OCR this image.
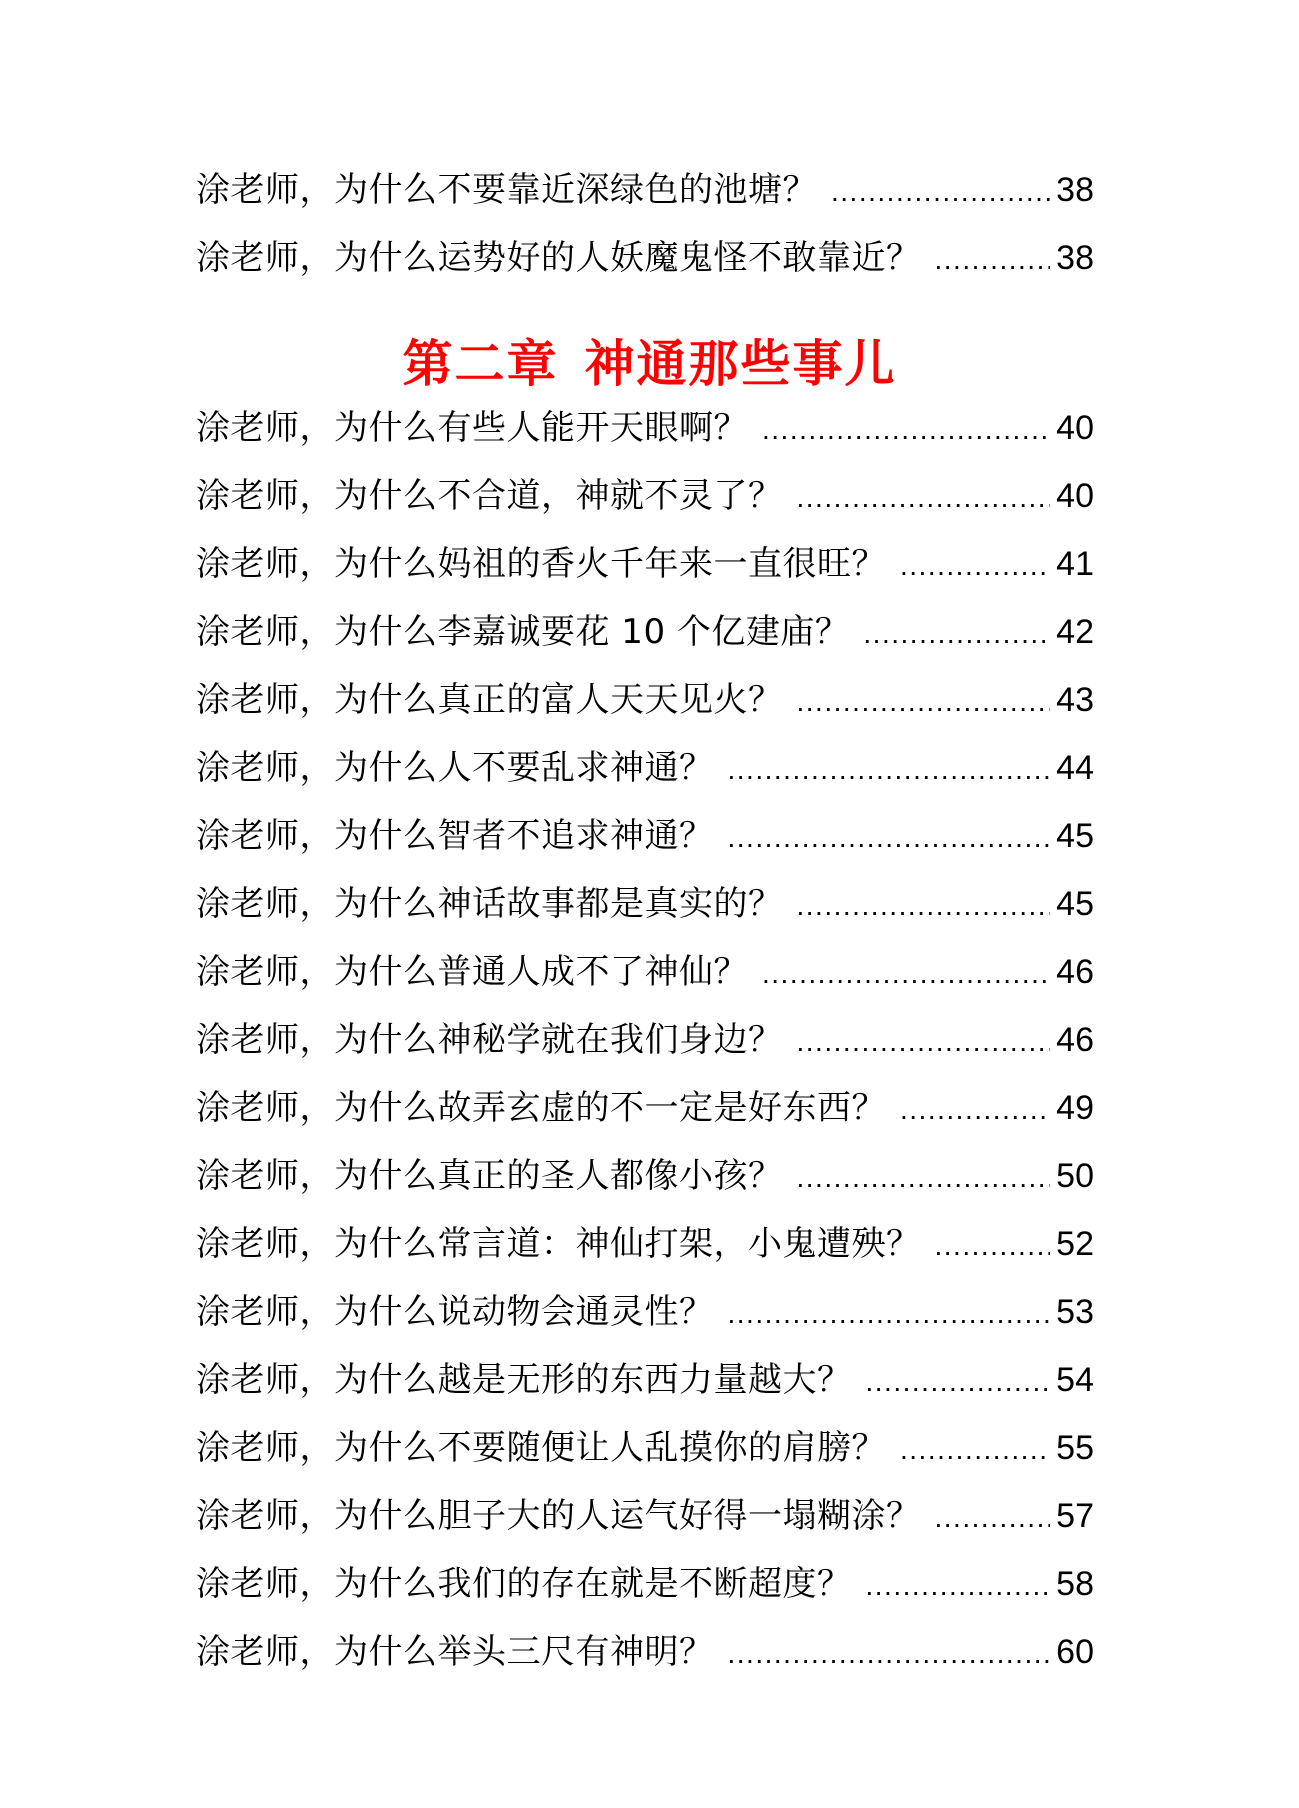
涂老师，为什么不要靠近深绿色的池塘？ .....	38
涂老师，为什么运势好的人妖魔鬼怪不敢靠近？ .....	38
第二章 神通那些事儿
涂老师，为什么有些人能开天眼啊？ .....	40
涂老师，为什么不合道，神就不灵了？ .....	40
涂老师，为什么妈祖的香火千年来一直很旺？ .....	41
涂老师，为什么李嘉诚要花 10 个亿建庙？ .....	42
涂老师，为什么真正的富人天天见火？ .....	43
涂老师，为什么人不要乱求神通？ .....	44
涂老师，为什么智者不追求神通？ .....	45
涂老师，为什么神话故事都是真实的？ .....	45
涂老师，为什么普通人成不了神仙？ .....	46
涂老师，为什么神秘学就在我们身边？ .....	46
涂老师，为什么故弄玄虚的不一定是好东西？ .....	49
涂老师，为什么真正的圣人都像小孩？ .....	50
涂老师，为什么常言道：神仙打架，小鬼遭殃？ .....	52
涂老师，为什么说动物会通灵性？ .....	53
涂老师，为什么越是无形的东西力量越大？ .....	54
涂老师，为什么不要随便让人乱摸你的肩膀？ .....	55
涂老师，为什么胆子大的人运气好得一塌糊涂？ .....	57
涂老师，为什么我们的存在就是不断超度？ .....	58
涂老师，为什么举头三尺有神明？ .....	60
